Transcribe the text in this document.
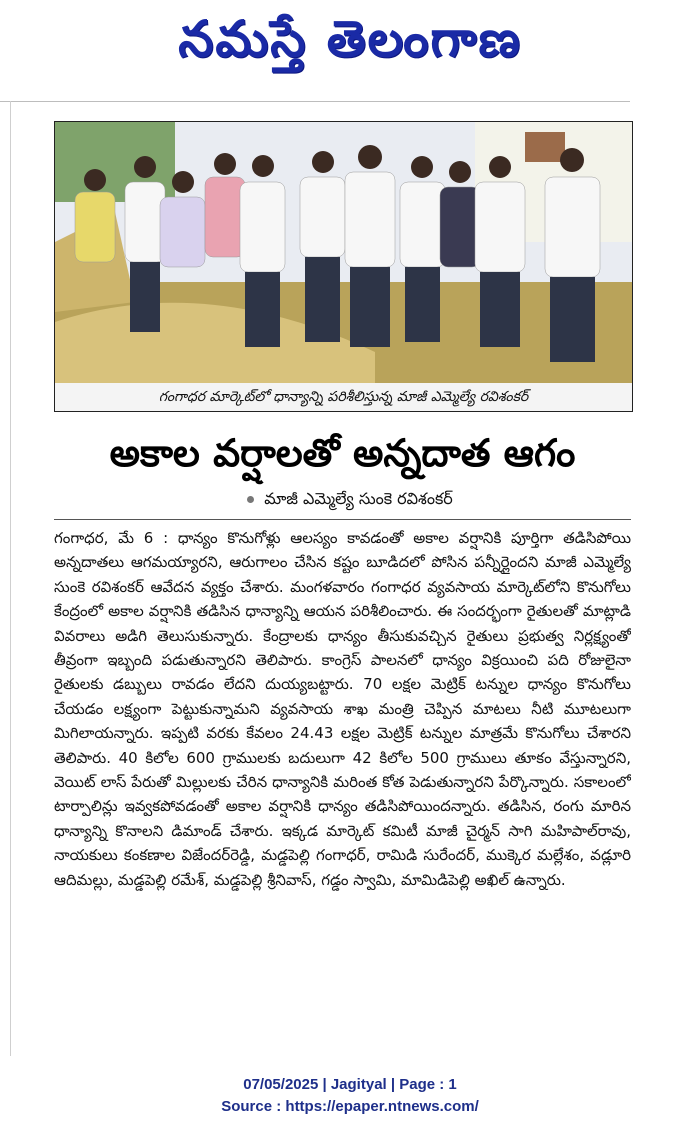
నమస్తే తెలంగాణ
గంగాధర మార్కెట్‌లో ధాన్యాన్ని పరిశీలిస్తున్న మాజీ ఎమ్మెల్యే రవిశంకర్
అకాల వర్షాలతో అన్నదాత ఆగం
మాజీ ఎమ్మెల్యే సుంకె రవిశంకర్
గంగాధర, మే 6 : ధాన్యం కొనుగోళ్లు ఆలస్యం కావడంతో అకాల వర్షానికి పూర్తిగా తడిసిపోయి అన్నదాతలు ఆగమయ్యారని, ఆరుగాలం చేసిన కష్టం బూడిదలో పోసిన పన్నీర్లైందని మాజీ ఎమ్మెల్యే సుంకె రవిశంకర్ ఆవేదన వ్యక్తం చేశారు. మంగళవారం గంగాధర వ్యవసాయ మార్కెట్‌లోని కొనుగోలు కేంద్రంలో అకాల వర్షానికి తడిసిన ధాన్యాన్ని ఆయన పరిశీలించారు. ఈ సందర్భంగా రైతులతో మాట్లాడి వివరాలు అడిగి తెలుసుకున్నారు. కేంద్రాలకు ధాన్యం తీసుకువచ్చిన రైతులు ప్రభుత్వ నిర్లక్ష్యంతో తీవ్రంగా ఇబ్బంది పడుతున్నారని తెలిపారు. కాంగ్రెస్ పాలనలో ధాన్యం విక్రయించి పది రోజులైనా రైతులకు డబ్బులు రావడం లేదని దుయ్యబట్టారు. 70 లక్షల మెట్రిక్ టన్నుల ధాన్యం కొనుగోలు చేయడం లక్ష్యంగా పెట్టుకున్నామని వ్యవసాయ శాఖ మంత్రి చెప్పిన మాటలు నీటి మూటలుగా మిగిలాయన్నారు. ఇప్పటి వరకు కేవలం 24.43 లక్షల మెట్రిక్ టన్నుల మాత్రమే కొనుగోలు చేశారని తెలిపారు. 40 కిలోల 600 గ్రాములకు బదులుగా 42 కిలోల 500 గ్రాములు తూకం వేస్తున్నారని, వెయిట్ లాస్ పేరుతో మిల్లులకు చేరిన ధాన్యానికి మరింత కోత పెడుతున్నారని పేర్కొన్నారు. సకాలంలో టార్పాలిన్లు ఇవ్వకపోవడంతో అకాల వర్షానికి ధాన్యం తడిసిపోయిందన్నారు. తడిసిన, రంగు మారిన ధాన్యాన్ని కొనాలని డిమాండ్ చేశారు. ఇక్కడ మార్కెట్ కమిటీ మాజీ చైర్మన్ సాగి మహిపాల్‌రావు, నాయకులు కంకణాల విజేందర్‌రెడ్డి, మడ్డపెల్లి గంగాధర్, రామిడి సురేందర్, ముక్కెర మల్లేశం, వడ్లూరి ఆదిమల్లు, మడ్డపెల్లి రమేశ్, మడ్డపెల్లి శ్రీనివాస్, గడ్డం స్వామి, మామిడిపెల్లి అఖిల్ ఉన్నారు.
07/05/2025 | Jagityal | Page : 1
Source : https://epaper.ntnews.com/
